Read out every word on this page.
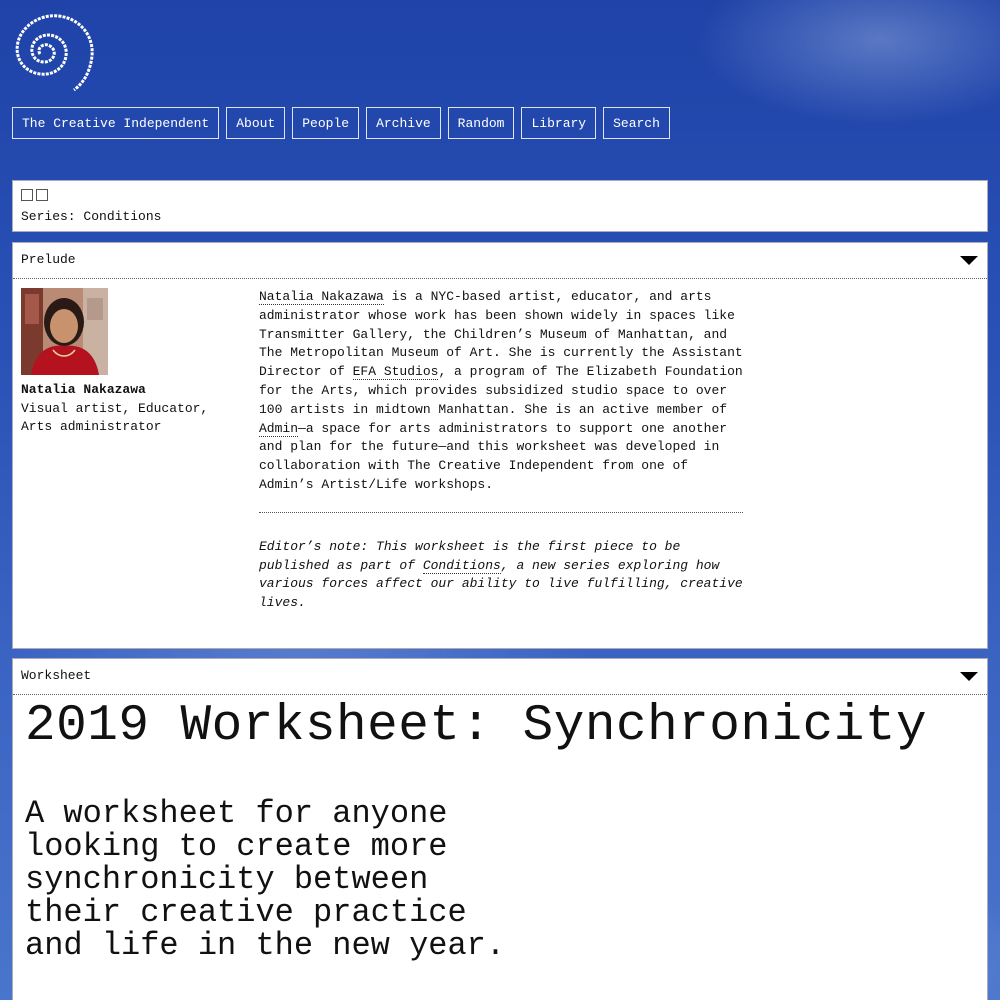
The Creative Independent	About	People	Archive	Random	Library	Search
Series: Conditions
Prelude
Natalia Nakazawa
Visual artist, Educator, Arts administrator

Natalia Nakazawa is a NYC-based artist, educator, and arts administrator whose work has been shown widely in spaces like Transmitter Gallery, the Children’s Museum of Manhattan, and The Metropolitan Museum of Art. She is currently the Assistant Director of EFA Studios, a program of The Elizabeth Foundation for the Arts, which provides subsidized studio space to over 100 artists in midtown Manhattan. She is an active member of Admin—a space for arts administrators to support one another and plan for the future—and this worksheet was developed in collaboration with The Creative Independent from one of Admin’s Artist/Life workshops.

Editor’s note: This worksheet is the first piece to be published as part of Conditions, a new series exploring how various forces affect our ability to live fulfilling, creative lives.

Worksheet
2019 Worksheet: Synchronicity

A worksheet for anyone looking to create more synchronicity between their creative practice and life in the new year.
